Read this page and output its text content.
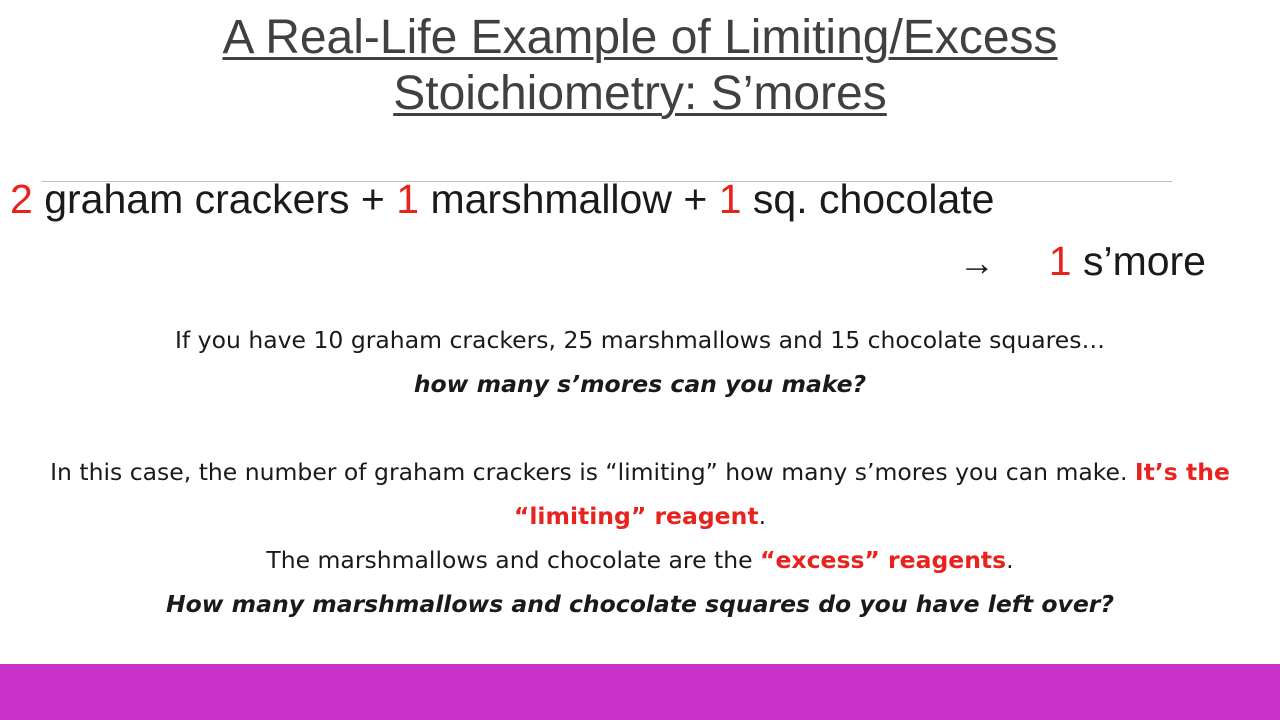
A Real-Life Example of Limiting/Excess
Stoichiometry: S’mores
2 graham crackers + 1 marshmallow + 1 sq. chocolate
→ 1 s’more

If you have 10 graham crackers, 25 marshmallows and 15 chocolate squares…

how many s’mores can you make?

In this case, the number of graham crackers is “limiting” how many s’mores you can make. It’s the “limiting” reagent.

The marshmallows and chocolate are the “excess” reagents.

How many marshmallows and chocolate squares do you have left over?
